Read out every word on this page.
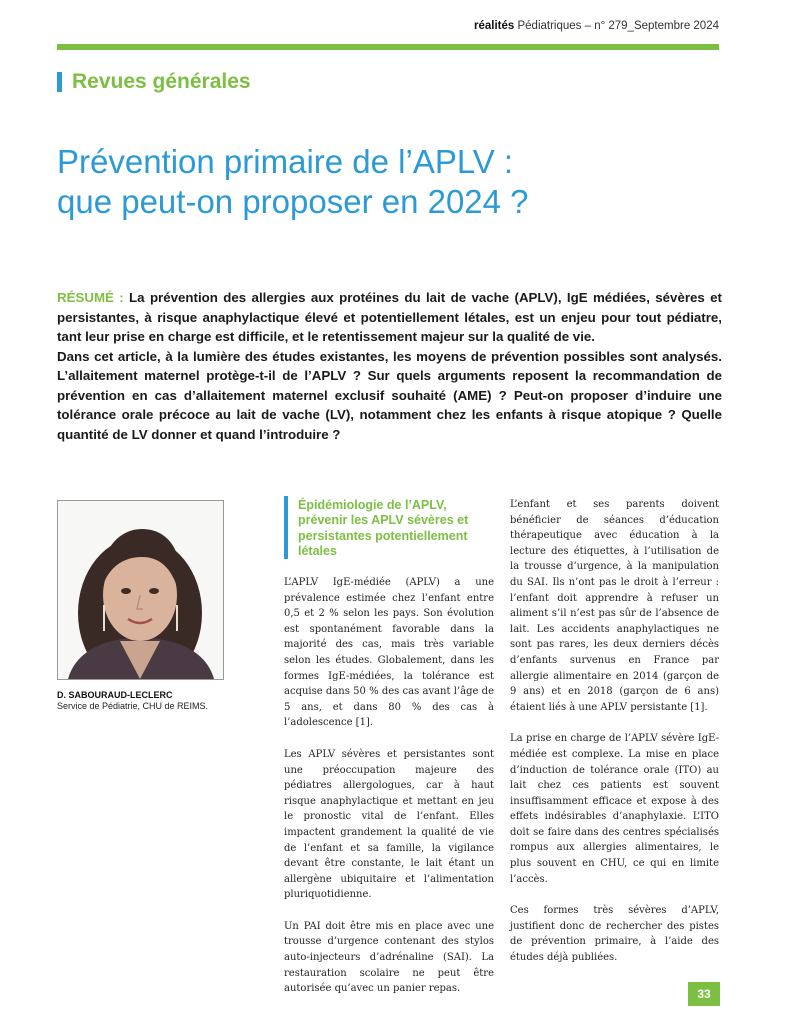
réalités Pédiatriques – n° 279_Septembre 2024
Revues générales
Prévention primaire de l’APLV :
que peut-on proposer en 2024 ?
RÉSUMÉ : La prévention des allergies aux protéines du lait de vache (APLV), IgE médiées, sévères et persistantes, à risque anaphylactique élevé et potentiellement létales, est un enjeu pour tout pédiatre, tant leur prise en charge est difficile, et le retentissement majeur sur la qualité de vie.
Dans cet article, à la lumière des études existantes, les moyens de prévention possibles sont analysés. L’allaitement maternel protège-t-il de l’APLV ? Sur quels arguments reposent la recommandation de prévention en cas d’allaitement maternel exclusif souhaité (AME) ? Peut-on proposer d’induire une tolérance orale précoce au lait de vache (LV), notamment chez les enfants à risque atopique ? Quelle quantité de LV donner et quand l’introduire ?
D. SABOURAUD-LECLERC
Service de Pédiatrie, CHU de REIMS.
Épidémiologie de l’APLV, prévenir les APLV sévères et persistantes potentiellement létales

L’APLV IgE-médiée (APLV) a une prévalence estimée chez l’enfant entre 0,5 et 2 % selon les pays. Son évolution est spontanément favorable dans la majorité des cas, mais très variable selon les études. Globalement, dans les formes IgE-médiées, la tolérance est acquise dans 50 % des cas avant l’âge de 5 ans, et dans 80 % des cas à l’adolescence [1].

Les APLV sévères et persistantes sont une préoccupation majeure des pédiatres allergologues, car à haut risque anaphylactique et mettant en jeu le pronostic vital de l’enfant. Elles impactent grandement la qualité de vie de l’enfant et sa famille, la vigilance devant être constante, le lait étant un allergène ubiquitaire et l’alimentation pluriquotidienne.

Un PAI doit être mis en place avec une trousse d’urgence contenant des stylos auto-injecteurs d’adrénaline (SAI). La restauration scolaire ne peut être autorisée qu’avec un panier repas.

L’enfant et ses parents doivent bénéficier de séances d’éducation thérapeutique avec éducation à la lecture des étiquettes, à l’utilisation de la trousse d’urgence, à la manipulation du SAI. Ils n’ont pas le droit à l’erreur : l’enfant doit apprendre à refuser un aliment s’il n’est pas sûr de l’absence de lait. Les accidents anaphylactiques ne sont pas rares, les deux derniers décès d’enfants survenus en France par allergie alimentaire en 2014 (garçon de 9 ans) et en 2018 (garçon de 6 ans) étaient liés à une APLV persistante [1].

La prise en charge de l’APLV sévère IgE-médiée est complexe. La mise en place d’induction de tolérance orale (ITO) au lait chez ces patients est souvent insuffisamment efficace et expose à des effets indésirables d’anaphylaxie. L’ITO doit se faire dans des centres spécialisés rompus aux allergies alimentaires, le plus souvent en CHU, ce qui en limite l’accès.

Ces formes très sévères d’APLV, justifient donc de rechercher des pistes de prévention primaire, à l’aide des études déjà publiées.

33
